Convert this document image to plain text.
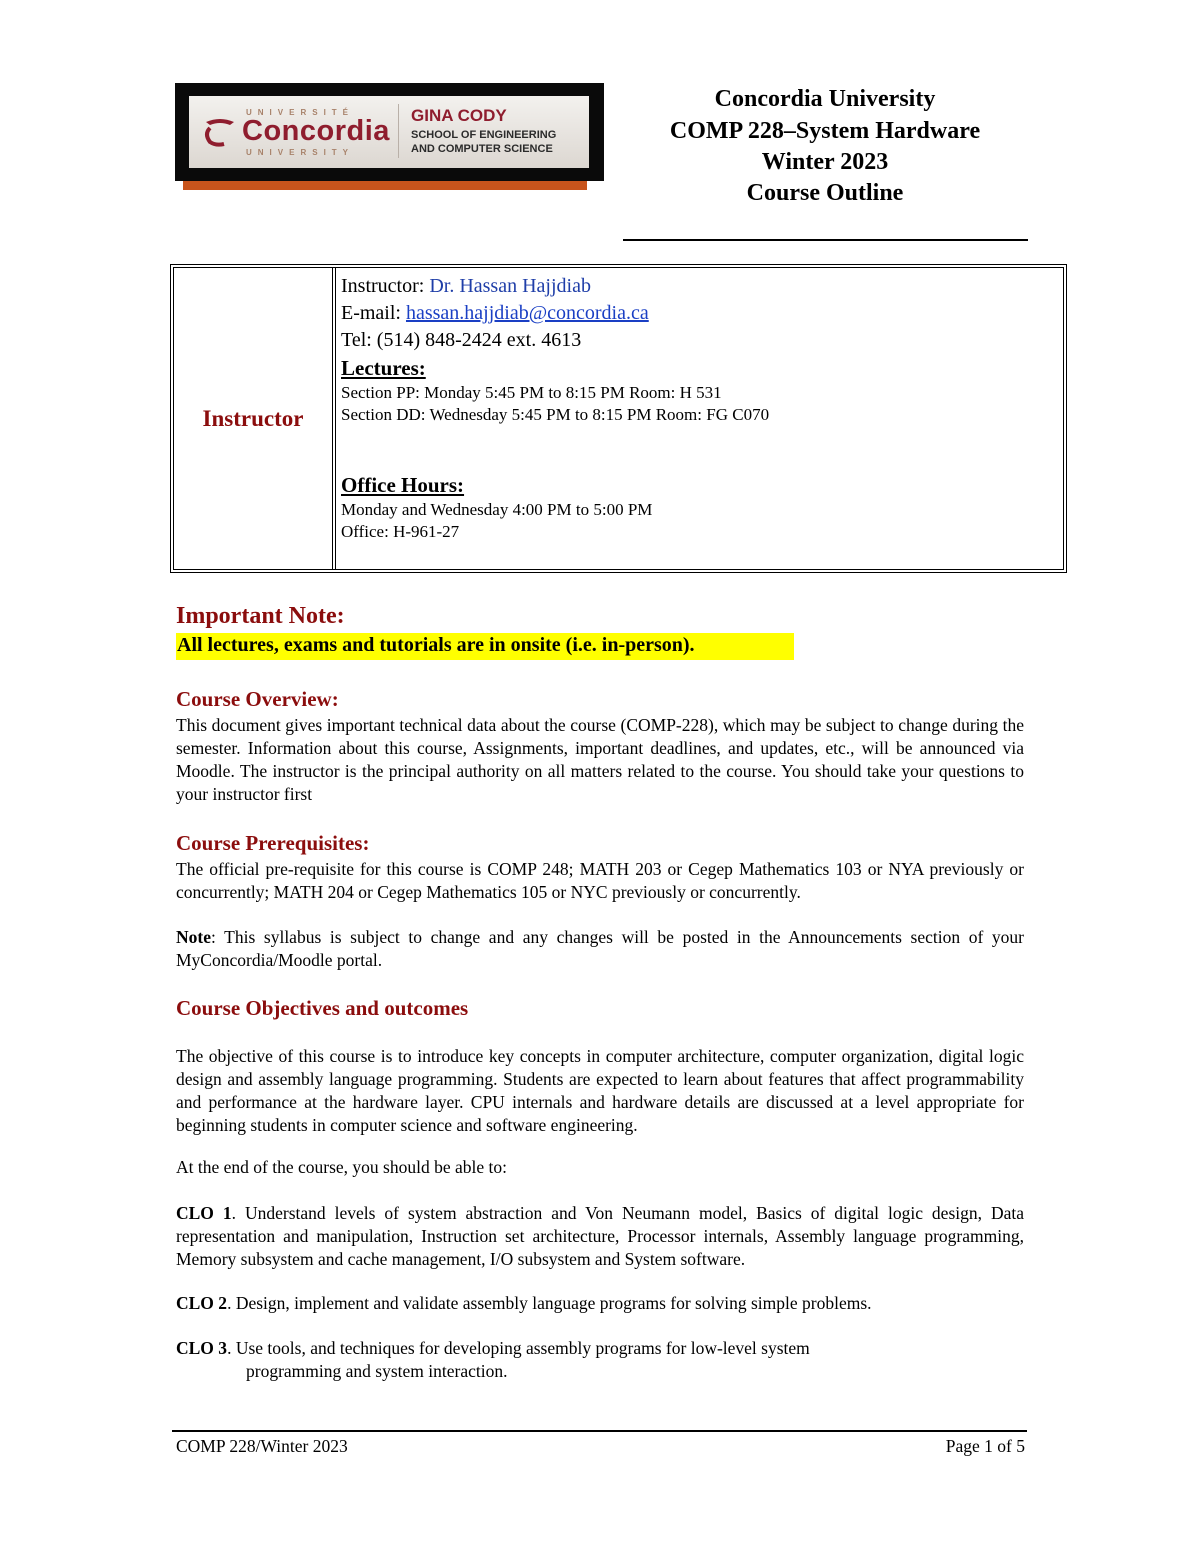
UNIVERSITÉ
Concordia
UNIVERSITY
GINA CODY
SCHOOL OF ENGINEERING
AND COMPUTER SCIENCE
Concordia University
COMP 228–System Hardware
Winter 2023
Course Outline
Instructor
Instructor: Dr. Hassan Hajjdiab
E-mail: hassan.hajjdiab@concordia.ca
Tel: (514) 848-2424 ext. 4613
Lectures:
Section PP: Monday 5:45 PM to 8:15 PM Room: H 531
Section DD: Wednesday 5:45 PM to 8:15 PM Room: FG C070
Office Hours:
Monday and Wednesday 4:00 PM to 5:00 PM
Office: H-961-27
Important Note:
All lectures, exams and tutorials are in onsite (i.e. in-person).
Course Overview:
This document gives important technical data about the course (COMP-228), which may be subject to change during the semester. Information about this course, Assignments, important deadlines, and updates, etc., will be announced via Moodle. The instructor is the principal authority on all matters related to the course. You should take your questions to your instructor first
Course Prerequisites:
The official pre-requisite for this course is COMP 248; MATH 203 or Cegep Mathematics 103 or NYA previously or concurrently; MATH 204 or Cegep Mathematics 105 or NYC previously or concurrently.
Note: This syllabus is subject to change and any changes will be posted in the Announcements section of your MyConcordia/Moodle portal.
Course Objectives and outcomes
The objective of this course is to introduce key concepts in computer architecture, computer organization, digital logic design and assembly language programming. Students are expected to learn about features that affect programmability and performance at the hardware layer. CPU internals and hardware details are discussed at a level appropriate for beginning students in computer science and software engineering.
At the end of the course, you should be able to:
CLO 1. Understand levels of system abstraction and Von Neumann model, Basics of digital logic design, Data representation and manipulation, Instruction set architecture, Processor internals, Assembly language programming, Memory subsystem and cache management, I/O subsystem and System software.
CLO 2. Design, implement and validate assembly language programs for solving simple problems.
CLO 3. Use tools, and techniques for developing assembly programs for low-level system
programming and system interaction.
COMP 228/Winter 2023	Page 1 of 5
